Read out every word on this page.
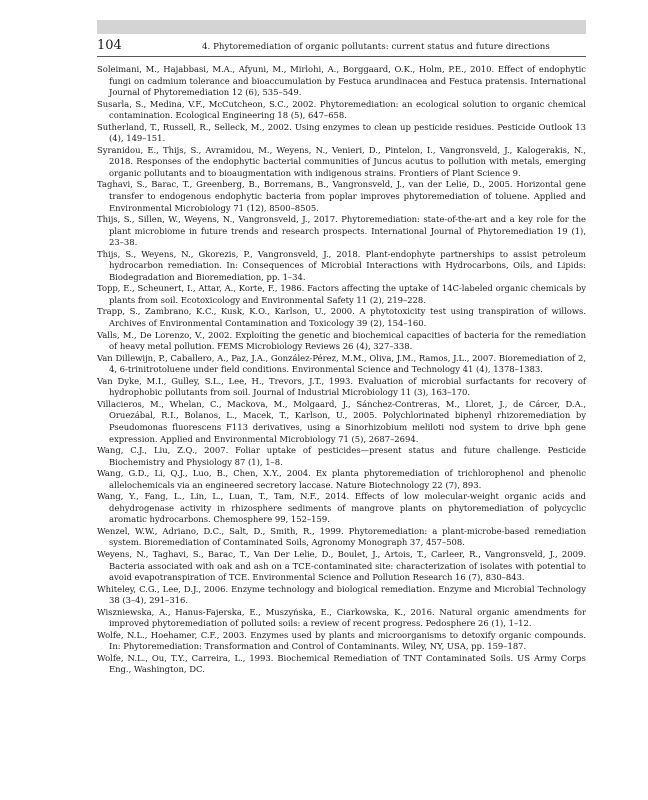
104	4. Phytoremediation of organic pollutants: current status and future directions

Soleimani, M., Hajabbasi, M.A., Afyuni, M., Mirlohi, A., Borggaard, O.K., Holm, P.E., 2010. Effect of endophytic fungi on cadmium tolerance and bioaccumulation by Festuca arundinacea and Festuca pratensis. International Journal of Phytoremediation 12 (6), 535–549.

Susarla, S., Medina, V.F., McCutcheon, S.C., 2002. Phytoremediation: an ecological solution to organic chemical contamination. Ecological Engineering 18 (5), 647–658.

Sutherland, T., Russell, R., Selleck, M., 2002. Using enzymes to clean up pesticide residues. Pesticide Outlook 13 (4), 149–151.

Syranidou, E., Thijs, S., Avramidou, M., Weyens, N., Venieri, D., Pintelon, I., Vangronsveld, J., Kalogerakis, N., 2018. Responses of the endophytic bacterial communities of Juncus acutus to pollution with metals, emerging organic pollutants and to bioaugmentation with indigenous strains. Frontiers of Plant Science 9.

Taghavi, S., Barac, T., Greenberg, B., Borremans, B., Vangronsveld, J., van der Lelie, D., 2005. Horizontal gene transfer to endogenous endophytic bacteria from poplar improves phytoremediation of toluene. Applied and Environmental Microbiology 71 (12), 8500–8505.

Thijs, S., Sillen, W., Weyens, N., Vangronsveld, J., 2017. Phytoremediation: state-of-the-art and a key role for the plant microbiome in future trends and research prospects. International Journal of Phytoremediation 19 (1), 23–38.

Thijs, S., Weyens, N., Gkorezis, P., Vangronsveld, J., 2018. Plant-endophyte partnerships to assist petroleum hydrocarbon remediation. In: Consequences of Microbial Interactions with Hydrocarbons, Oils, and Lipids: Biodegradation and Bioremediation, pp. 1–34.

Topp, E., Scheunert, I., Attar, A., Korte, F., 1986. Factors affecting the uptake of 14C-labeled organic chemicals by plants from soil. Ecotoxicology and Environmental Safety 11 (2), 219–228.

Trapp, S., Zambrano, K.C., Kusk, K.O., Karlson, U., 2000. A phytotoxicity test using transpiration of willows. Archives of Environmental Contamination and Toxicology 39 (2), 154–160.

Valls, M., De Lorenzo, V., 2002. Exploiting the genetic and biochemical capacities of bacteria for the remediation of heavy metal pollution. FEMS Microbiology Reviews 26 (4), 327–338.

Van Dillewijn, P., Caballero, A., Paz, J.A., González-Pérez, M.M., Oliva, J.M., Ramos, J.L., 2007. Bioremediation of 2, 4, 6-trinitrotoluene under field conditions. Environmental Science and Technology 41 (4), 1378–1383.

Van Dyke, M.I., Gulley, S.L., Lee, H., Trevors, J.T., 1993. Evaluation of microbial surfactants for recovery of hydrophobic pollutants from soil. Journal of Industrial Microbiology 11 (3), 163–170.

Villacieros, M., Whelan, C., Mackova, M., Molgaard, J., Sánchez-Contreras, M., Lloret, J., de Cárcer, D.A., Oruezábal, R.I., Bolanos, L., Macek, T., Karlson, U., 2005. Polychlorinated biphenyl rhizoremediation by Pseudomonas fluorescens F113 derivatives, using a Sinorhizobium meliloti nod system to drive bph gene expression. Applied and Environmental Microbiology 71 (5), 2687–2694.

Wang, C.J., Liu, Z.Q., 2007. Foliar uptake of pesticides—present status and future challenge. Pesticide Biochemistry and Physiology 87 (1), 1–8.

Wang, G.D., Li, Q.J., Luo, B., Chen, X.Y., 2004. Ex planta phytoremediation of trichlorophenol and phenolic allelochemicals via an engineered secretory laccase. Nature Biotechnology 22 (7), 893.

Wang, Y., Fang, L., Lin, L., Luan, T., Tam, N.F., 2014. Effects of low molecular-weight organic acids and dehydrogenase activity in rhizosphere sediments of mangrove plants on phytoremediation of polycyclic aromatic hydrocarbons. Chemosphere 99, 152–159.

Wenzel, W.W., Adriano, D.C., Salt, D., Smith, R., 1999. Phytoremediation: a plant-microbe-based remediation system. Bioremediation of Contaminated Soils, Agronomy Monograph 37, 457–508.

Weyens, N., Taghavi, S., Barac, T., Van Der Lelie, D., Boulet, J., Artois, T., Carleer, R., Vangronsveld, J., 2009. Bacteria associated with oak and ash on a TCE-contaminated site: characterization of isolates with potential to avoid evapotranspiration of TCE. Environmental Science and Pollution Research 16 (7), 830–843.

Whiteley, C.G., Lee, D.J., 2006. Enzyme technology and biological remediation. Enzyme and Microbial Technology 38 (3–4), 291–316.

Wiszniewska, A., Hanus-Fajerska, E., Muszyńska, E., Ciarkowska, K., 2016. Natural organic amendments for improved phytoremediation of polluted soils: a review of recent progress. Pedosphere 26 (1), 1–12.

Wolfe, N.L., Hoehamer, C.F., 2003. Enzymes used by plants and microorganisms to detoxify organic compounds. In: Phytoremediation: Transformation and Control of Contaminants. Wiley, NY, USA, pp. 159–187.

Wolfe, N.L., Ou, T.Y., Carreira, L., 1993. Biochemical Remediation of TNT Contaminated Soils. US Army Corps Eng., Washington, DC.
